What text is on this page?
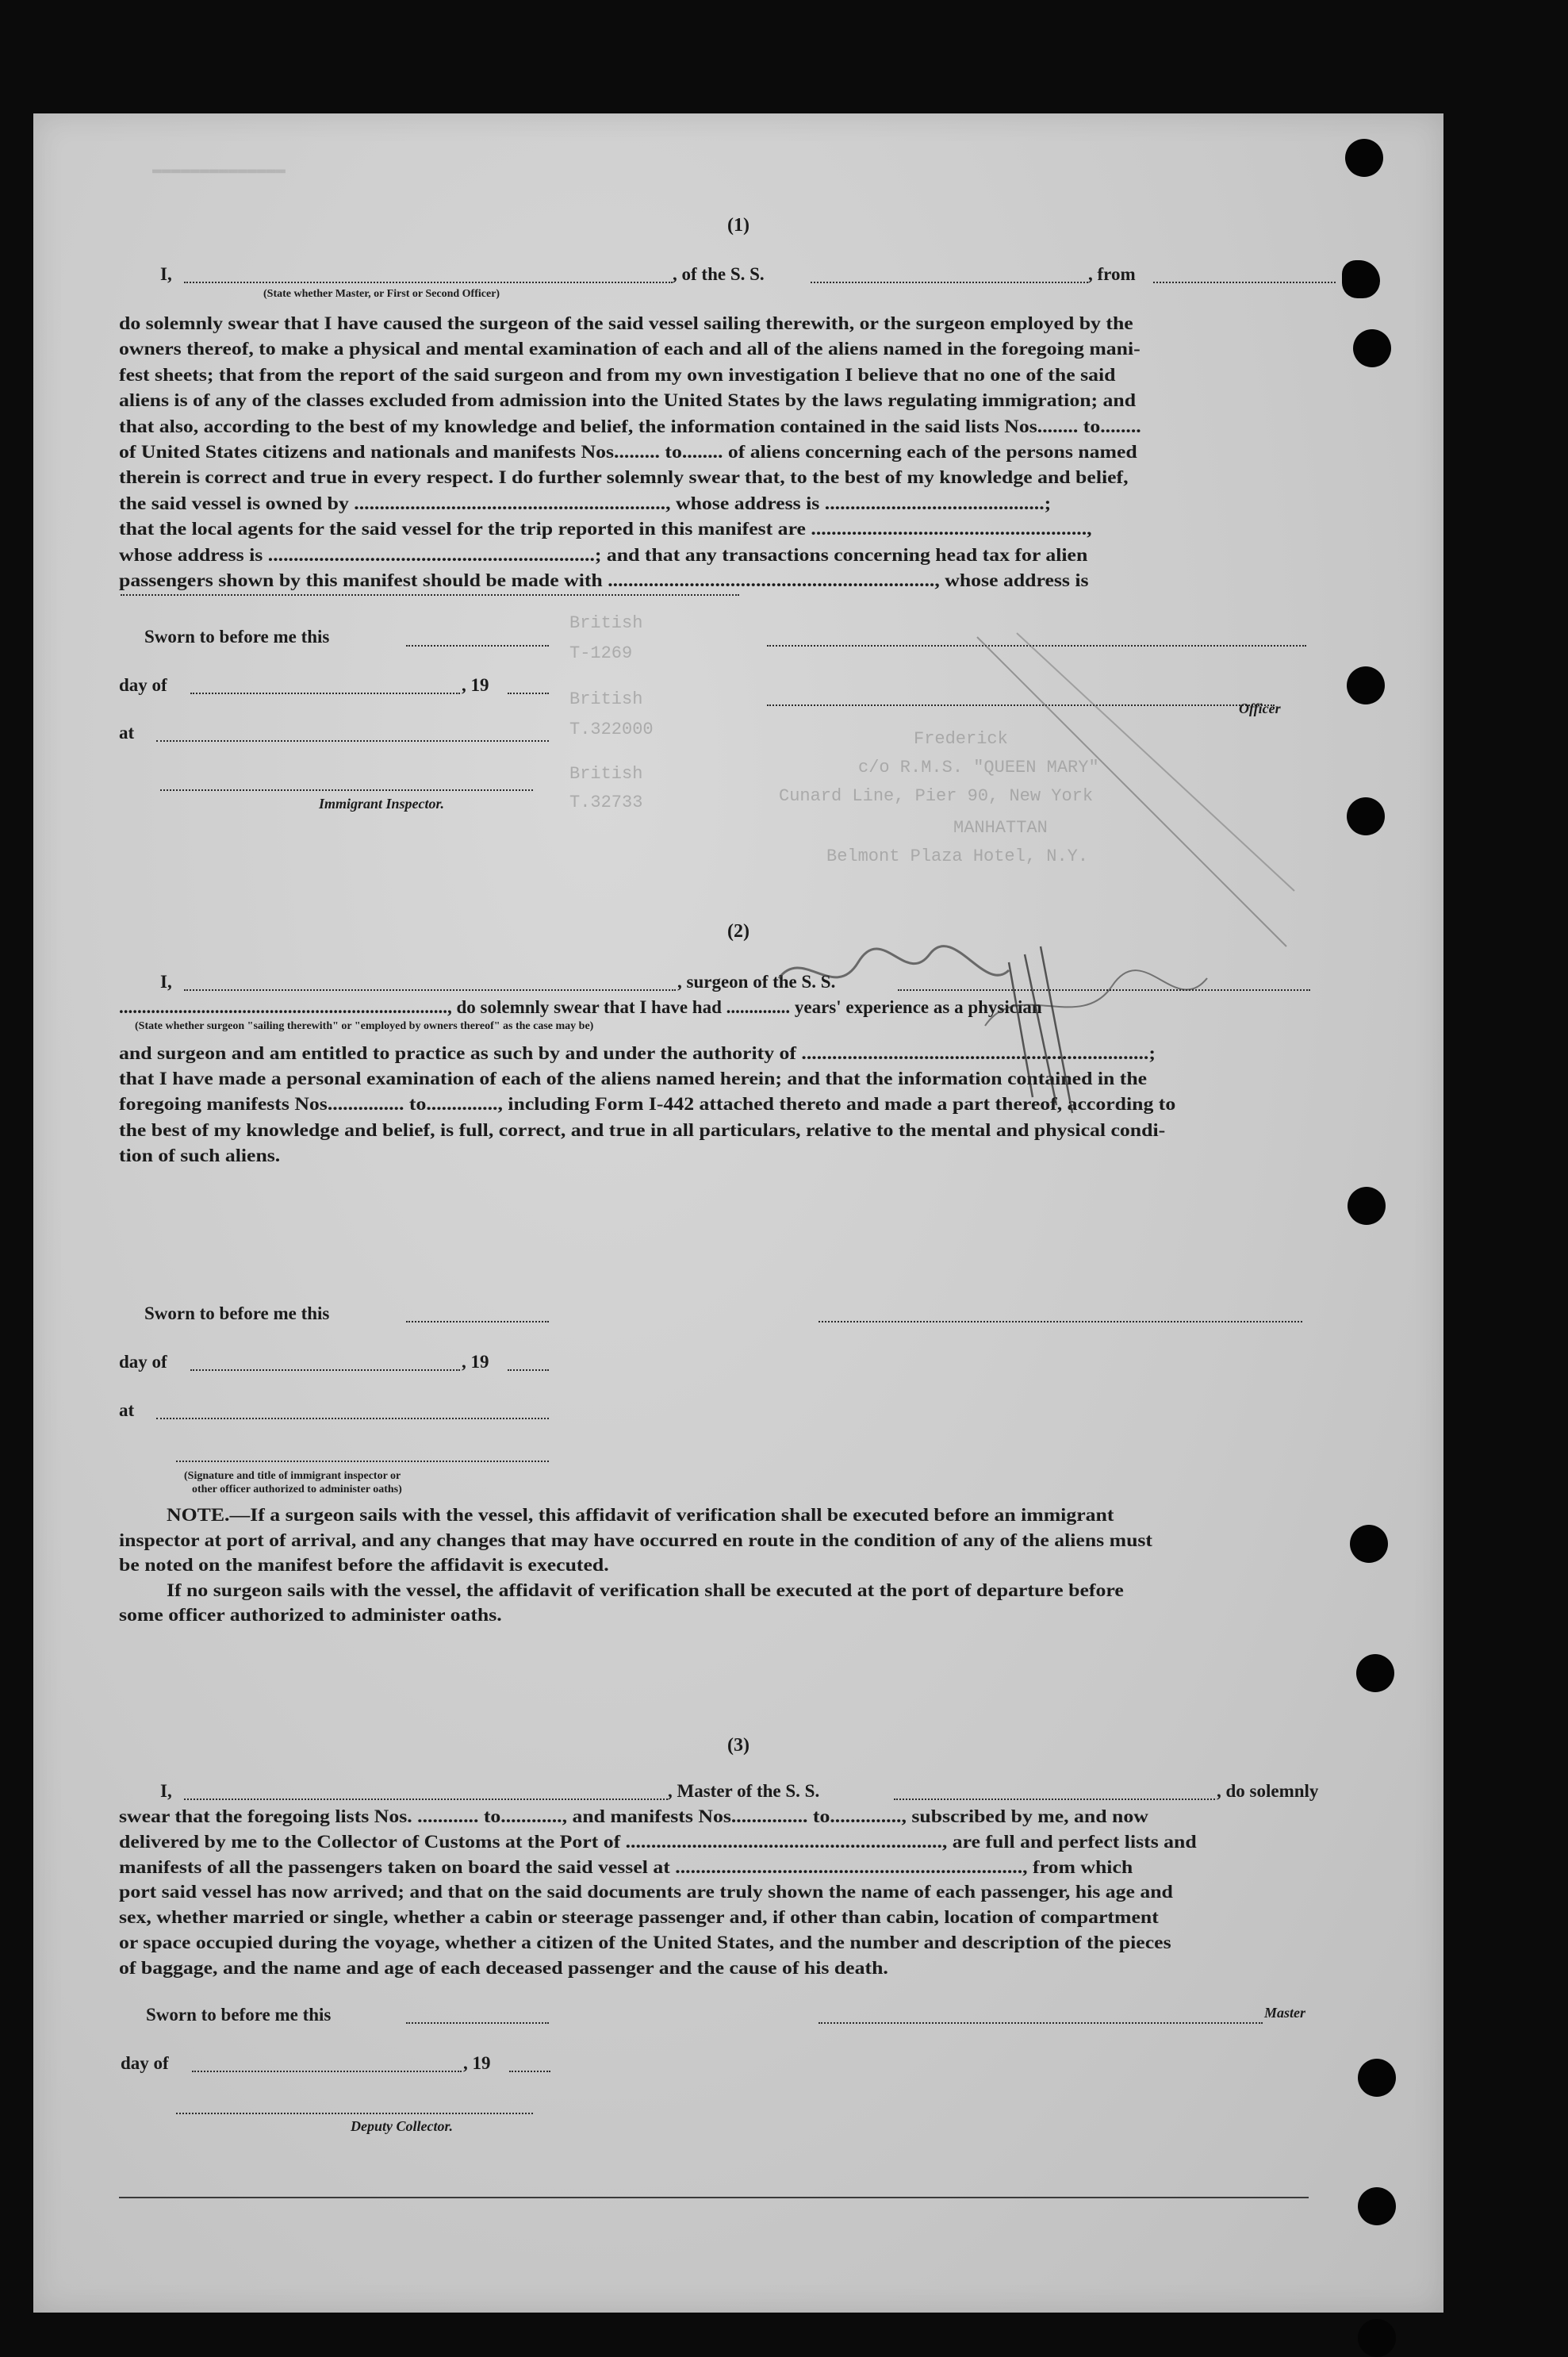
British
T-1269
British
T.322000
British
T.32733
Frederick
c/o R.M.S. "QUEEN MARY"
Cunard Line, Pier 90, New York
MANHATTAN
Belmont Plaza Hotel, N.Y.
(1)
I,	, of the S. S.	, from
(State whether Master, or First or Second Officer)
do solemnly swear that I have caused the surgeon of the said vessel sailing therewith, or the surgeon employed by the
owners thereof, to make a physical and mental examination of each and all of the aliens named in the foregoing mani-
fest sheets; that from the report of the said surgeon and from my own investigation I believe that no one of the said
aliens is of any of the classes excluded from admission into the United States by the laws regulating immigration; and
that also, according to the best of my knowledge and belief, the information contained in the said lists Nos........ to........
of United States citizens and nationals and manifests Nos......... to........ of aliens concerning each of the persons named
therein is correct and true in every respect. I do further solemnly swear that, to the best of my knowledge and belief,
the said vessel is owned by ............................................................., whose address is ...........................................;
that the local agents for the said vessel for the trip reported in this manifest are ......................................................,
whose address is ................................................................; and that any transactions concerning head tax for alien
passengers shown by this manifest should be made with ................................................................, whose address is
Sworn to before me this
day of	, 19
at
Immigrant Inspector.
Officer
(2)
I,	, surgeon of the S. S.
........................................................................, do solemnly swear that I have had .............. years' experience as a physician
(State whether surgeon "sailing therewith" or "employed by owners thereof" as the case may be)
and surgeon and am entitled to practice as such by and under the authority of ....................................................................;
that I have made a personal examination of each of the aliens named herein; and that the information contained in the
foregoing manifests Nos............... to.............., including Form I-442 attached thereto and made a part thereof, according to
the best of my knowledge and belief, is full, correct, and true in all particulars, relative to the mental and physical condi-
tion of such aliens.
Sworn to before me this
day of	, 19
at
(Signature and title of immigrant inspector or
other officer authorized to administer oaths)
NOTE.—If a surgeon sails with the vessel, this affidavit of verification shall be executed before an immigrant
inspector at port of arrival, and any changes that may have occurred en route in the condition of any of the aliens must
be noted on the manifest before the affidavit is executed.
If no surgeon sails with the vessel, the affidavit of verification shall be executed at the port of departure before
some officer authorized to administer oaths.
(3)
I,	, Master of the S. S.	, do solemnly
swear that the foregoing lists Nos. ............ to............, and manifests Nos............... to.............., subscribed by me, and now
delivered by me to the Collector of Customs at the Port of .............................................................., are full and perfect lists and
manifests of all the passengers taken on board the said vessel at ...................................................................., from which
port said vessel has now arrived; and that on the said documents are truly shown the name of each passenger, his age and
sex, whether married or single, whether a cabin or steerage passenger and, if other than cabin, location of compartment
or space occupied during the voyage, whether a citizen of the United States, and the number and description of the pieces
of baggage, and the name and age of each deceased passenger and the cause of his death.
Sworn to before me this	Master
day of	, 19
Deputy Collector.
▬▬▬▬▬▬▬▬▬▬▬▬▬▬
